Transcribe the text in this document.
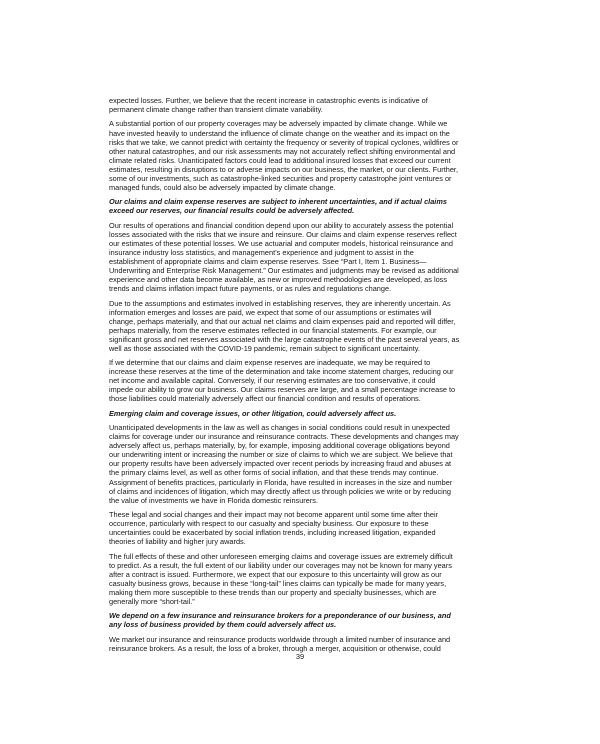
expected losses. Further, we believe that the recent increase in catastrophic events is indicative of
permanent climate change rather than transient climate variability.

A substantial portion of our property coverages may be adversely impacted by climate change. While we
have invested heavily to understand the influence of climate change on the weather and its impact on the
risks that we take, we cannot predict with certainty the frequency or severity of tropical cyclones, wildfires or
other natural catastrophes, and our risk assessments may not accurately reflect shifting environmental and
climate related risks. Unanticipated factors could lead to additional insured losses that exceed our current
estimates, resulting in disruptions to or adverse impacts on our business, the market, or our clients. Further,
some of our investments, such as catastrophe-linked securities and property catastrophe joint ventures or
managed funds, could also be adversely impacted by climate change.

Our claims and claim expense reserves are subject to inherent uncertainties, and if actual claims
exceed our reserves, our financial results could be adversely affected.

Our results of operations and financial condition depend upon our ability to accurately assess the potential
losses associated with the risks that we insure and reinsure. Our claims and claim expense reserves reflect
our estimates of these potential losses. We use actuarial and computer models, historical reinsurance and
insurance industry loss statistics, and management’s experience and judgment to assist in the
establishment of appropriate claims and claim expense reserves. Ssee “Part I, Item 1. Business—
Underwriting and Enterprise Risk Management.” Our estimates and judgments may be revised as additional
experience and other data become available, as new or improved methodologies are developed, as loss
trends and claims inflation impact future payments, or as rules and regulations change.

Due to the assumptions and estimates involved in establishing reserves, they are inherently uncertain. As
information emerges and losses are paid, we expect that some of our assumptions or estimates will
change, perhaps materially, and that our actual net claims and claim expenses paid and reported will differ,
perhaps materially, from the reserve estimates reflected in our financial statements. For example, our
significant gross and net reserves associated with the large catastrophe events of the past several years, as
well as those associated with the COVID-19 pandemic, remain subject to significant uncertainty.

If we determine that our claims and claim expense reserves are inadequate, we may be required to
increase these reserves at the time of the determination and take income statement charges, reducing our
net income and available capital. Conversely, if our reserving estimates are too conservative, it could
impede our ability to grow our business. Our claims reserves are large, and a small percentage increase to
those liabilities could materially adversely affect our financial condition and results of operations.

Emerging claim and coverage issues, or other litigation, could adversely affect us.

Unanticipated developments in the law as well as changes in social conditions could result in unexpected
claims for coverage under our insurance and reinsurance contracts. These developments and changes may
adversely affect us, perhaps materially, by, for example, imposing additional coverage obligations beyond
our underwriting intent or increasing the number or size of claims to which we are subject. We believe that
our property results have been adversely impacted over recent periods by increasing fraud and abuses at
the primary claims level, as well as other forms of social inflation, and that these trends may continue.
Assignment of benefits practices, particularly in Florida, have resulted in increases in the size and number
of claims and incidences of litigation, which may directly affect us through policies we write or by reducing
the value of investments we have in Florida domestic reinsurers.

These legal and social changes and their impact may not become apparent until some time after their
occurrence, particularly with respect to our casualty and specialty business. Our exposure to these
uncertainties could be exacerbated by social inflation trends, including increased litigation, expanded
theories of liability and higher jury awards.

The full effects of these and other unforeseen emerging claims and coverage issues are extremely difficult
to predict. As a result, the full extent of our liability under our coverages may not be known for many years
after a contract is issued. Furthermore, we expect that our exposure to this uncertainty will grow as our
casualty business grows, because in these “long-tail” lines claims can typically be made for many years,
making them more susceptible to these trends than our property and specialty businesses, which are
generally more “short-tail.”

We depend on a few insurance and reinsurance brokers for a preponderance of our business, and
any loss of business provided by them could adversely affect us.

We market our insurance and reinsurance products worldwide through a limited number of insurance and
reinsurance brokers. As a result, the loss of a broker, through a merger, acquisition or otherwise, could

39
